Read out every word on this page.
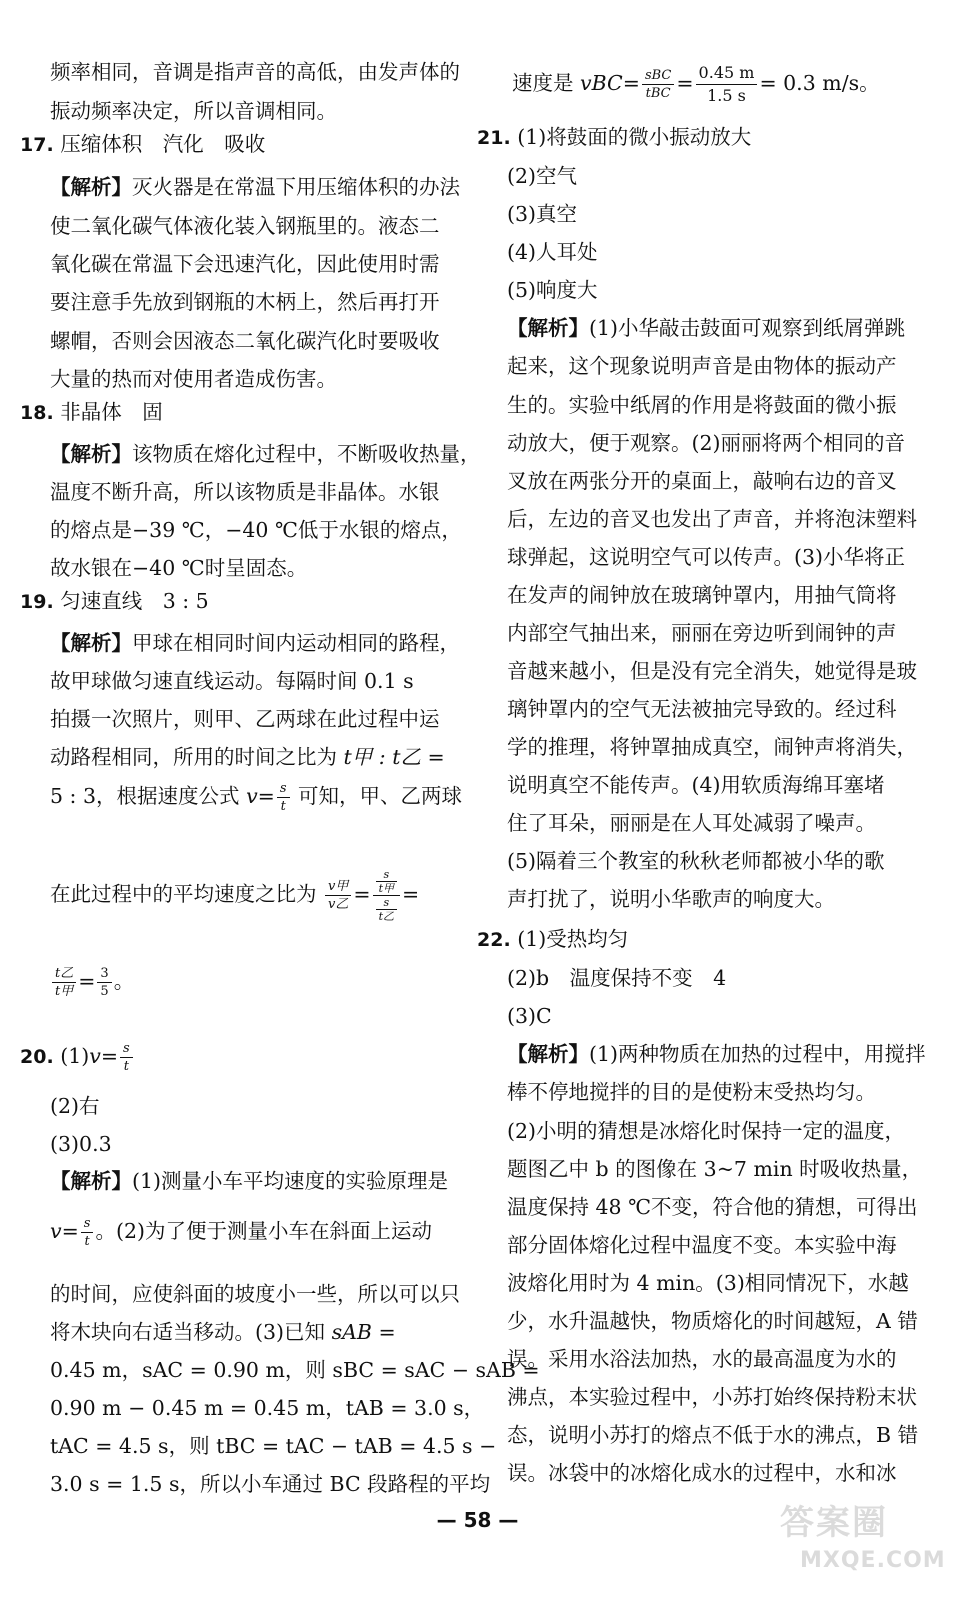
频率相同，音调是指声音的高低，由发声体的
振动频率决定，所以音调相同。
17. 压缩体积　汽化　吸收
【解析】灭火器是在常温下用压缩体积的办法
使二氧化碳气体液化装入钢瓶里的。液态二
氧化碳在常温下会迅速汽化，因此使用时需
要注意手先放到钢瓶的木柄上，然后再打开
螺帽，否则会因液态二氧化碳汽化时要吸收
大量的热而对使用者造成伤害。
18. 非晶体　固
【解析】该物质在熔化过程中，不断吸收热量，
温度不断升高，所以该物质是非晶体。水银
的熔点是−39 ℃，−40 ℃低于水银的熔点，
故水银在−40 ℃时呈固态。
19. 匀速直线　3 : 5
【解析】甲球在相同时间内运动相同的路程，
故甲球做匀速直线运动。每隔时间 0.1 s
拍摄一次照片，则甲、乙两球在此过程中运
动路程相同，所用的时间之比为 t甲 : t乙 =
5 : 3，根据速度公式 $v= \frac{s}{t}$ 可知，甲、乙两球
在此过程中的平均速度之比为 $\frac{\text{v甲}}{\text{v乙}} = \frac{\frac{s}{\text{t甲}}}{\frac{s}{\text{t乙}}}$ =
$\frac{\text{t乙}}{\text{t甲}} = \frac{3}{5}$ 。
20. $(1)v= \frac{s}{t}$
(2)右
(3)0.3
【解析】(1)测量小车平均速度的实验原理是
$v= \frac{s}{t}$ 。(2)为了便于测量小车在斜面上运动
的时间，应使斜面的坡度小一些，所以可以只
将木块向右适当移动。(3)已知 sAB =
0.45 m，sAC = 0.90 m，则 sBC = sAC − sAB =
0.90 m − 0.45 m = 0.45 m，tAB = 3.0 s，
tAC = 4.5 s，则 tBC = tAC − tAB = 4.5 s −
3.0 s = 1.5 s，所以小车通过 BC 段路程的平均
速度是 $vBC= \frac{\text{sBC}}{\text{tBC}} = \frac{0.45 m}{1.5 s} = 0.3$ m/s。
21. (1)将鼓面的微小振动放大
(2)空气
(3)真空
(4)人耳处
(5)响度大
【解析】(1)小华敲击鼓面可观察到纸屑弹跳
起来，这个现象说明声音是由物体的振动产
生的。实验中纸屑的作用是将鼓面的微小振
动放大，便于观察。(2)丽丽将两个相同的音
叉放在两张分开的桌面上，敲响右边的音叉
后，左边的音叉也发出了声音，并将泡沫塑料
球弹起，这说明空气可以传声。(3)小华将正
在发声的闹钟放在玻璃钟罩内，用抽气筒将
内部空气抽出来，丽丽在旁边听到闹钟的声
音越来越小，但是没有完全消失，她觉得是玻
璃钟罩内的空气无法被抽完导致的。经过科
学的推理，将钟罩抽成真空，闹钟声将消失，
说明真空不能传声。(4)用软质海绵耳塞堵
住了耳朵，丽丽是在人耳处减弱了噪声。
(5)隔着三个教室的秋秋老师都被小华的歌
声打扰了，说明小华歌声的响度大。
22. (1)受热均匀
(2)b　温度保持不变　4
(3)C
【解析】(1)两种物质在加热的过程中，用搅拌
棒不停地搅拌的目的是使粉末受热均匀。
(2)小明的猜想是冰熔化时保持一定的温度，
题图乙中 b 的图像在 3~7 min 时吸收热量，
温度保持 48 ℃不变，符合他的猜想，可得出
部分固体熔化过程中温度不变。本实验中海
波熔化用时为 4 min。(3)相同情况下，水越
少，水升温越快，物质熔化的时间越短，A 错
误。采用水浴法加热，水的最高温度为水的
沸点，本实验过程中，小苏打始终保持粉末状
态，说明小苏打的熔点不低于水的沸点，B 错
误。冰袋中的冰熔化成水的过程中，水和冰
— 58 —	答案圈
MXQE.COM
